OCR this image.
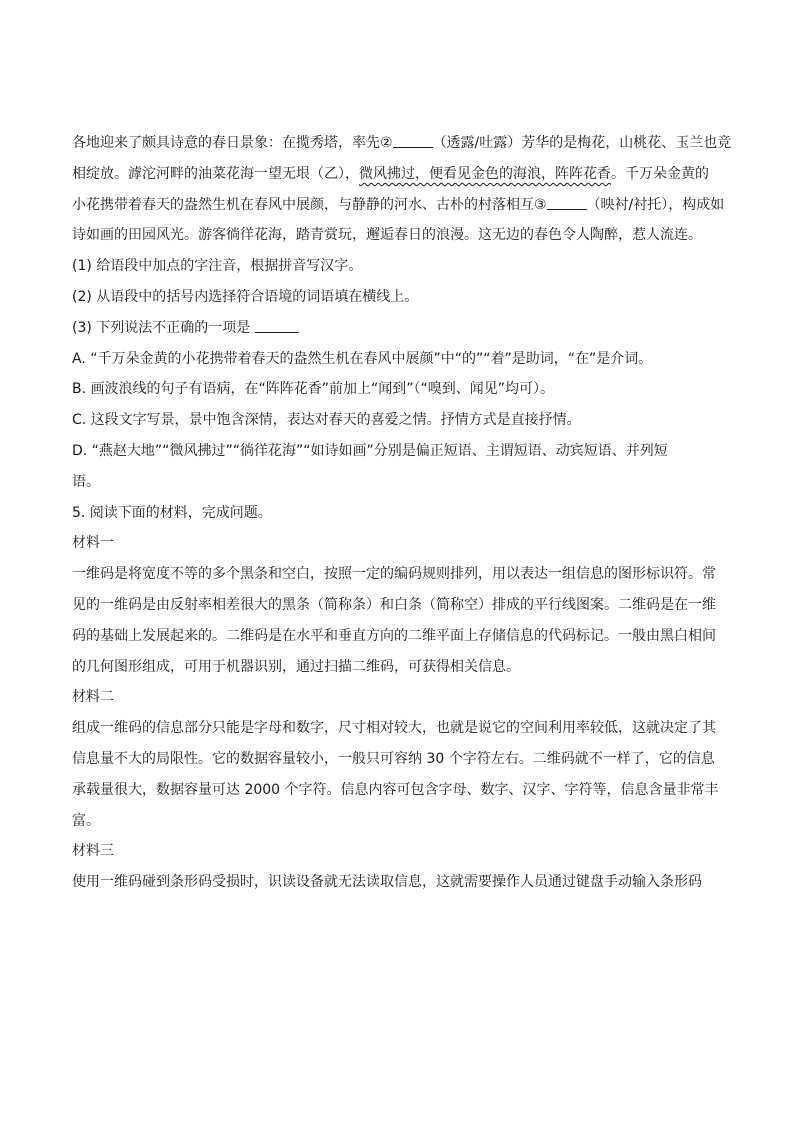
各地迎来了颇具诗意的春日景象：在揽秀塔，率先②	（透露/吐露）芳华的是梅花，山桃花、玉兰也竞
相绽放。滹沱河畔的油菜花海一望无垠（乙），微风拂过，便看见金色的海浪，阵阵花香。千万朵金黄的
小花携带着春天的盎然生机在春风中展颜，与静静的河水、古朴的村落相互③	（映衬/衬托），构成如
诗如画的田园风光。游客徜徉花海，踏青赏玩，邂逅春日的浪漫。这无边的春色令人陶醉，惹人流连。
(1) 给语段中加点的字注音，根据拼音写汉字。
(2) 从语段中的括号内选择符合语境的词语填在横线上。
(3) 下列说法不正确的一项是
A. “千万朵金黄的小花携带着春天的盎然生机在春风中展颜”中“的”“着”是助词，“在”是介词。
B. 画波浪线的句子有语病，在“阵阵花香”前加上“闻到”（“嗅到、闻见”均可）。
C. 这段文字写景，景中饱含深情，表达对春天的喜爱之情。抒情方式是直接抒情。
D. “燕赵大地”“微风拂过”“徜徉花海”“如诗如画”分别是偏正短语、主谓短语、动宾短语、并列短
语。
5. 阅读下面的材料，完成问题。
材料一
一维码是将宽度不等的多个黑条和空白，按照一定的编码规则排列，用以表达一组信息的图形标识符。常
见的一维码是由反射率相差很大的黑条（简称条）和白条（简称空）排成的平行线图案。二维码是在一维
码的基础上发展起来的。二维码是在水平和垂直方向的二维平面上存储信息的代码标记。一般由黑白相间
的几何图形组成，可用于机器识别，通过扫描二维码，可获得相关信息。
材料二
组成一维码的信息部分只能是字母和数字，尺寸相对较大，也就是说它的空间利用率较低，这就决定了其
信息量不大的局限性。它的数据容量较小，一般只可容纳 30 个字符左右。二维码就不一样了，它的信息
承载量很大，数据容量可达 2000 个字符。信息内容可包含字母、数字、汉字、字符等，信息含量非常丰
富。
材料三
使用一维码碰到条形码受损时，识读设备就无法读取信息，这就需要操作人员通过键盘手动输入条形码
